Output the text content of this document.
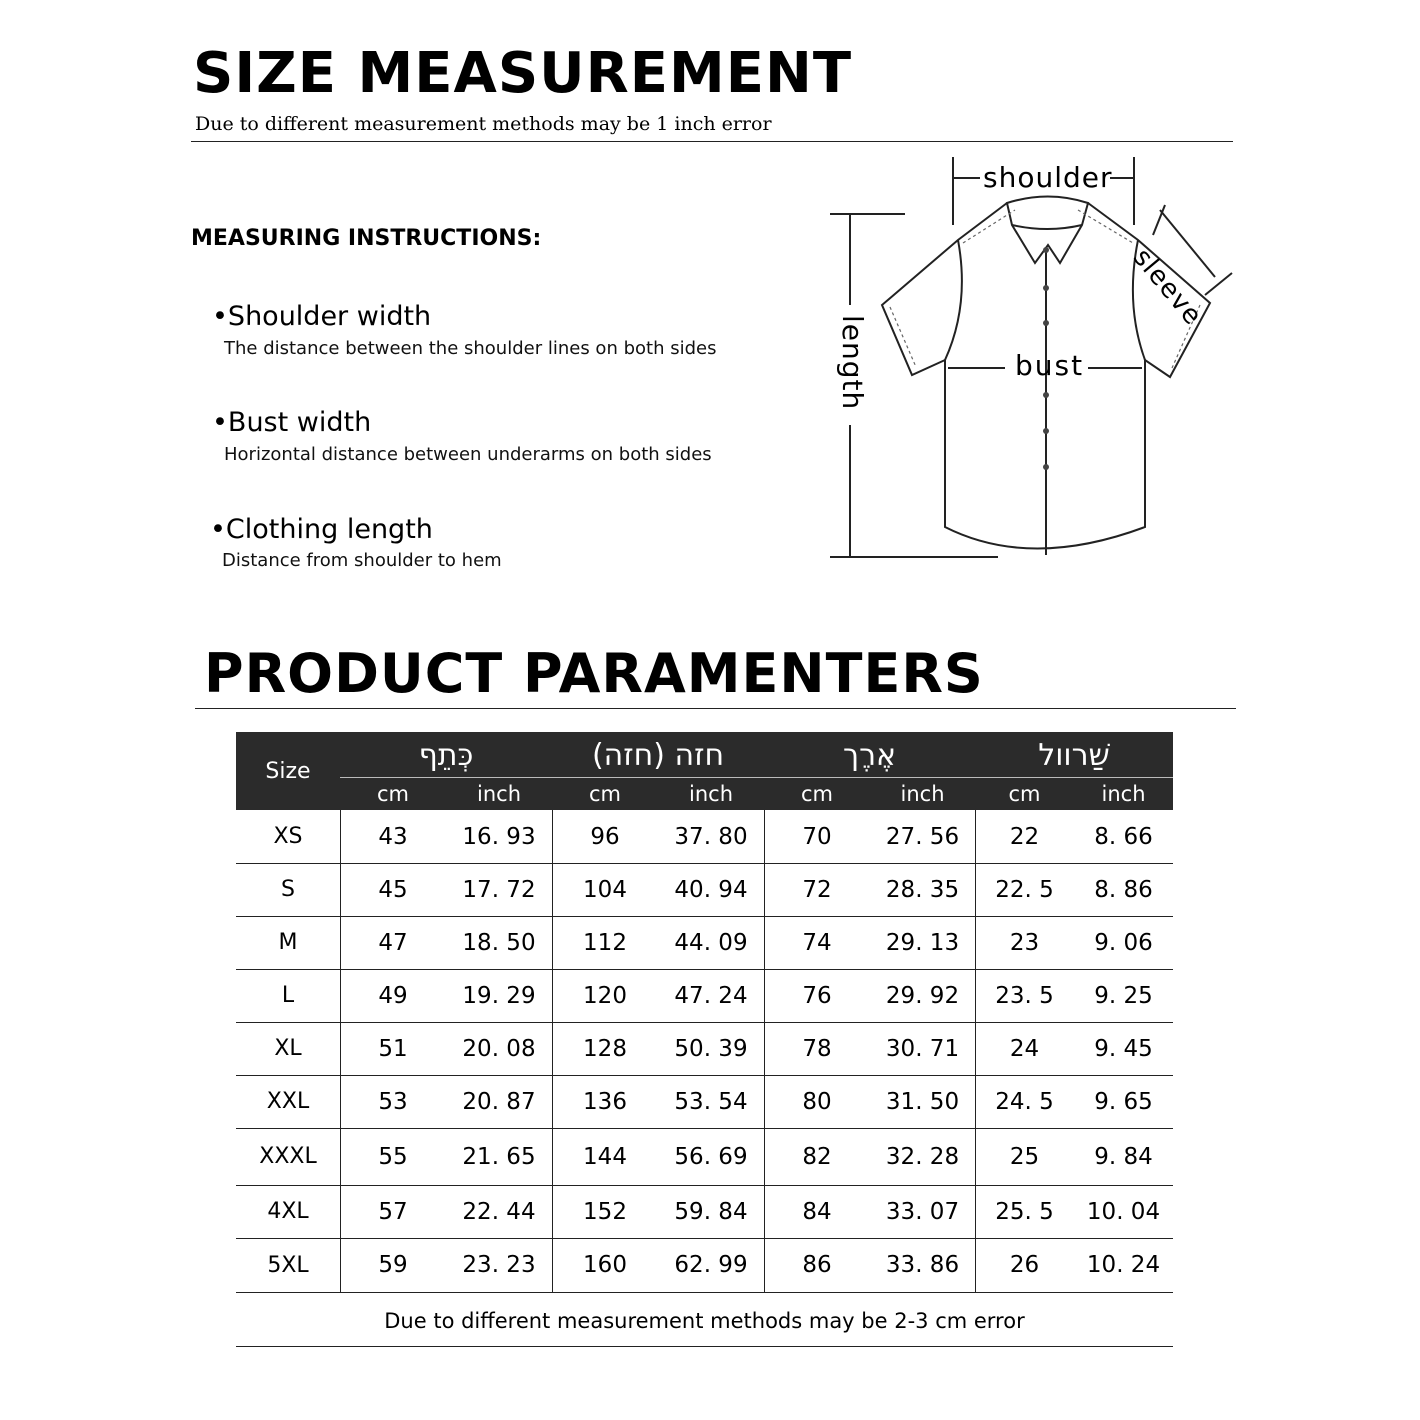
SIZE MEASUREMENT
Due to different measurement methods may be 1 inch error
MEASURING INSTRUCTIONS:
•Shoulder width
The distance between the shoulder lines on both sides
•Bust width
Horizontal distance between underarms on both sides
•Clothing length
Distance from shoulder to hem
shoulder
sleeve
length	bust
PRODUCT PARAMENTERS
Size	כְּתֵף	חזה (חזה)	אֶרֶך	שַׁרוול
cm	inch	cm	inch	cm	inch	cm	inch
XS	43	16. 93	96	37. 80	70	27. 56	22	8. 66
S	45	17. 72	104	40. 94	72	28. 35	22. 5	8. 86
M	47	18. 50	112	44. 09	74	29. 13	23	9. 06
L	49	19. 29	120	47. 24	76	29. 92	23. 5	9. 25
XL	51	20. 08	128	50. 39	78	30. 71	24	9. 45
XXL	53	20. 87	136	53. 54	80	31. 50	24. 5	9. 65
XXXL	55	21. 65	144	56. 69	82	32. 28	25	9. 84
4XL	57	22. 44	152	59. 84	84	33. 07	25. 5	10. 04
5XL	59	23. 23	160	62. 99	86	33. 86	26	10. 24
Due to different measurement methods may be 2-3 cm error
